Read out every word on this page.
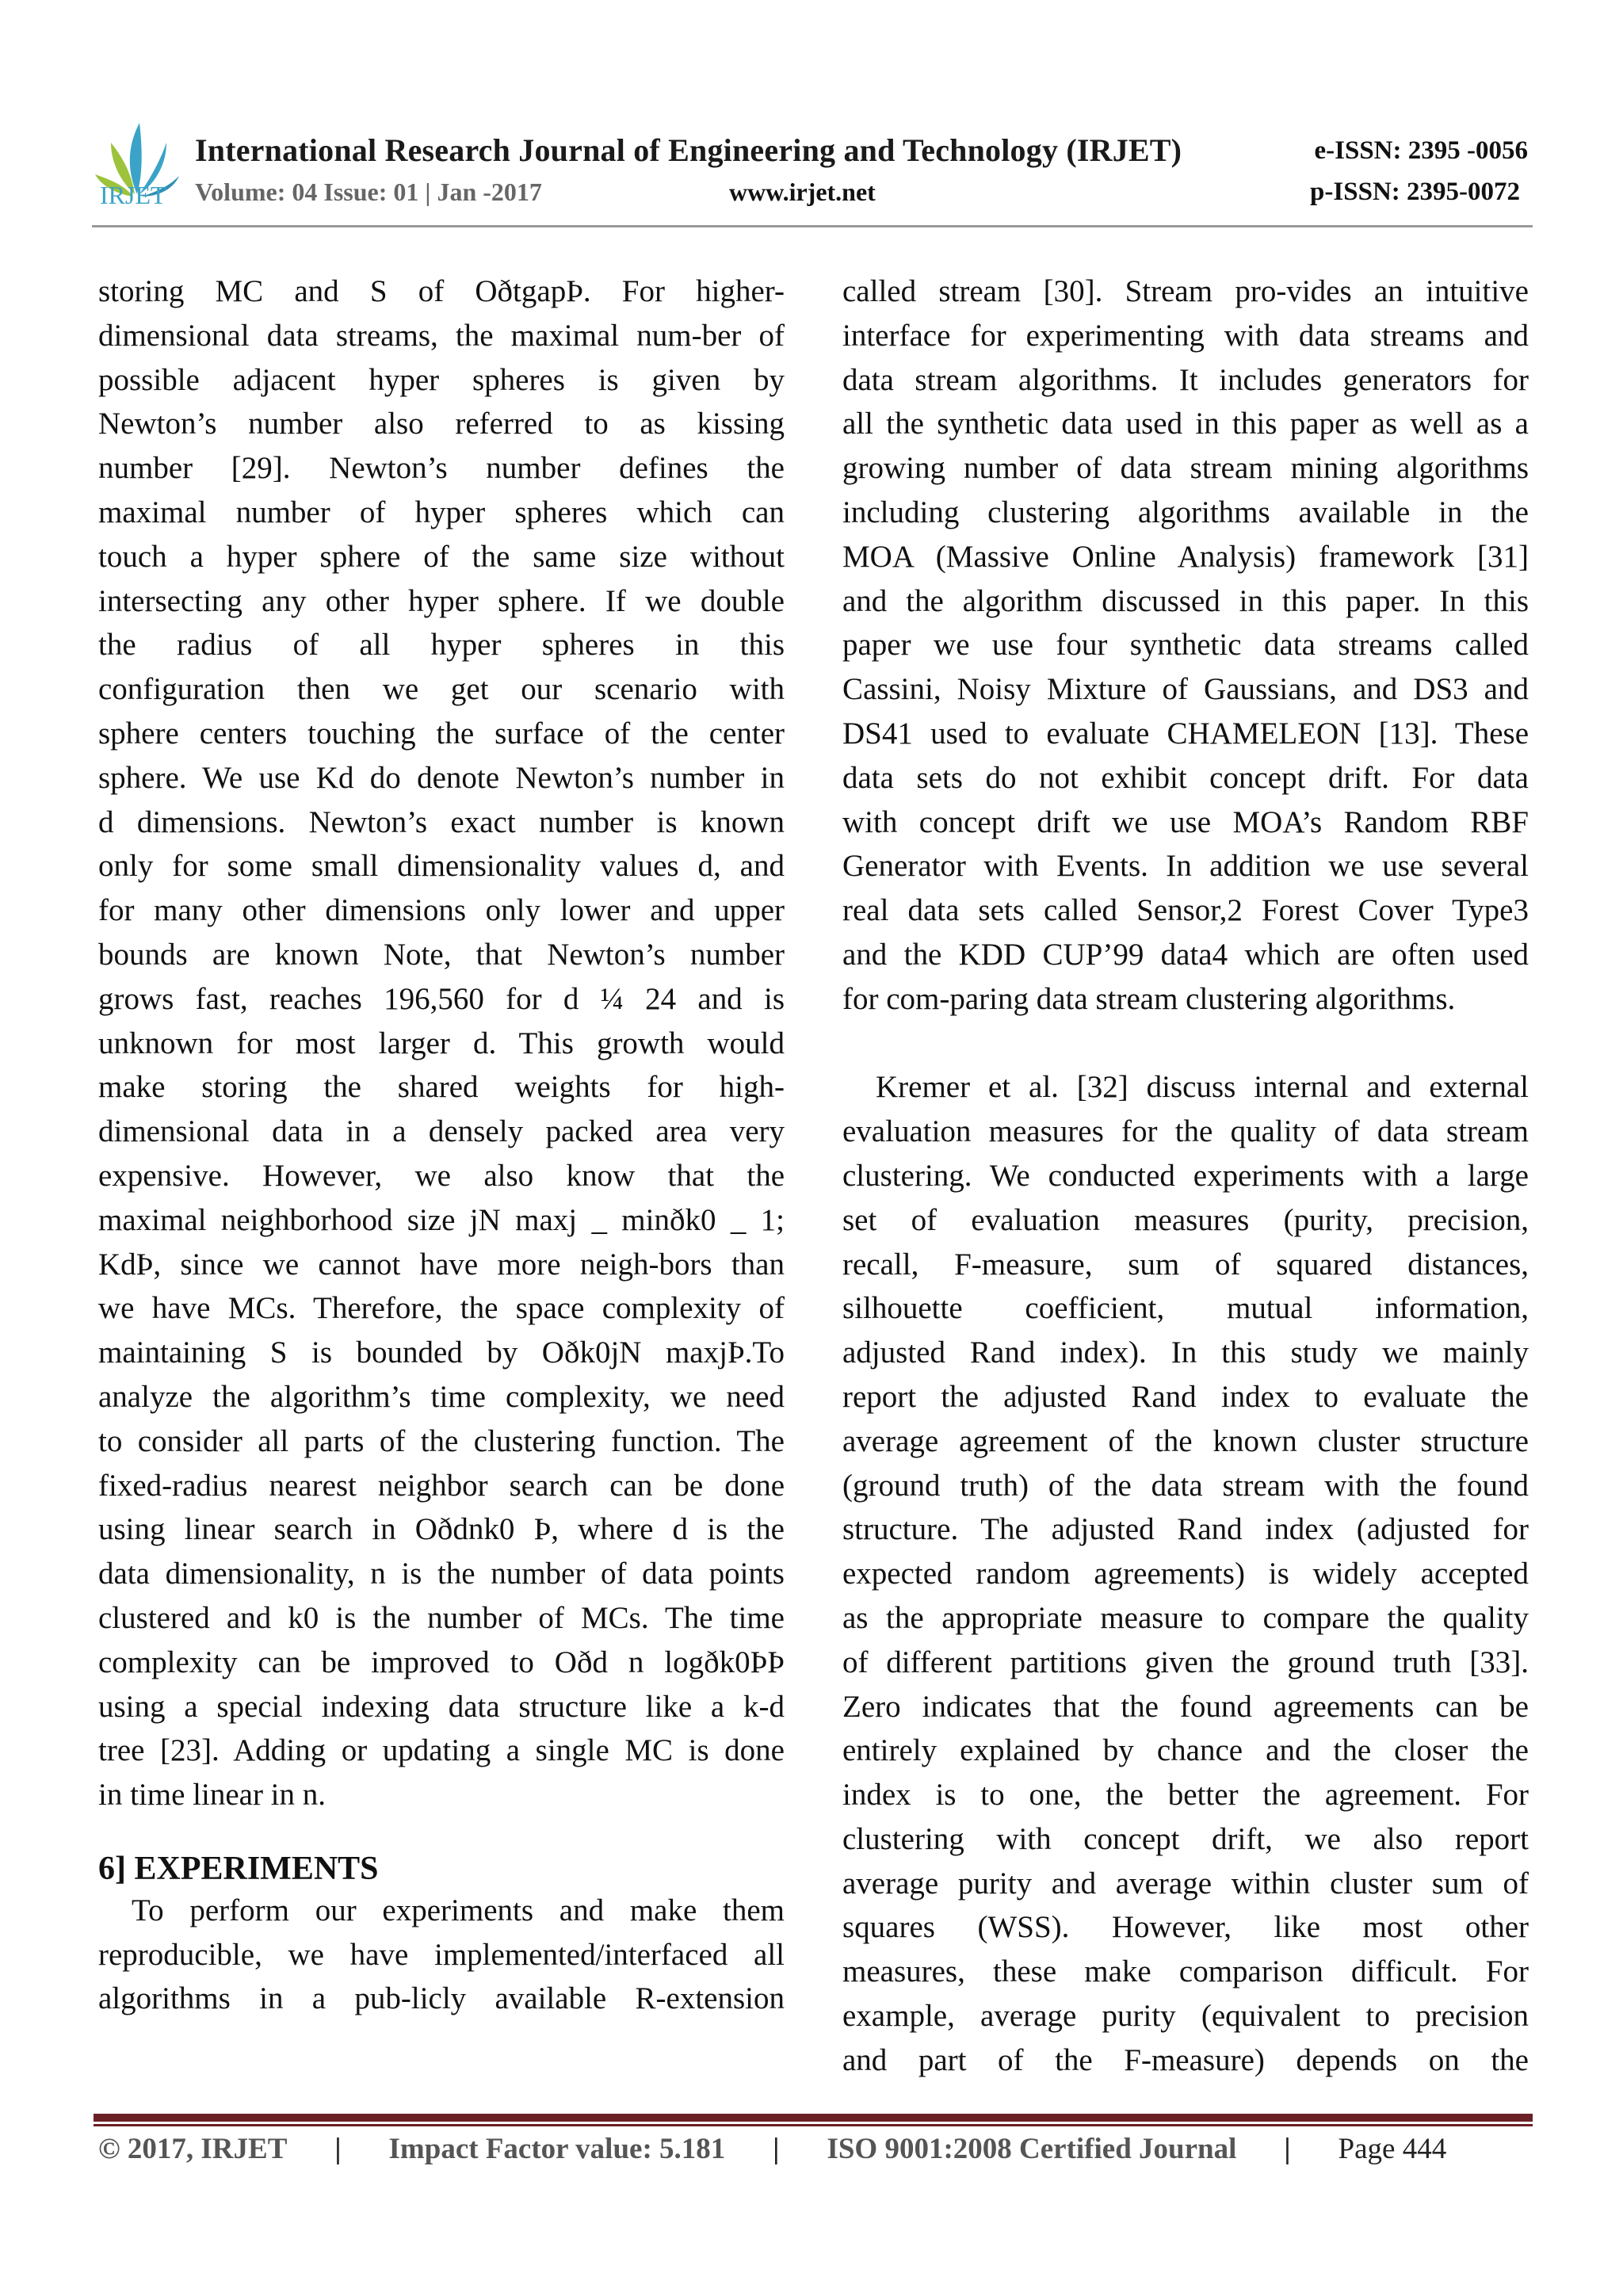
IRJET
International Research Journal of Engineering and Technology (IRJET)
Volume: 04 Issue: 01 | Jan -2017	www.irjet.net
e-ISSN: 2395 -0056
p-ISSN: 2395-0072
storing MC and S of OðtgapÞ. For higher-
dimensional data streams, the maximal num-ber of
possible adjacent hyper spheres is given by
Newton’s number also referred to as kissing
number [29]. Newton’s number defines the
maximal number of hyper spheres which can
touch a hyper sphere of the same size without
intersecting any other hyper sphere. If we double
the radius of all hyper spheres in this
configuration then we get our scenario with
sphere centers touching the surface of the center
sphere. We use Kd do denote Newton’s number in
d dimensions. Newton’s exact number is known
only for some small dimensionality values d, and
for many other dimensions only lower and upper
bounds are known Note, that Newton’s number
grows fast, reaches 196,560 for d ¼ 24 and is
unknown for most larger d. This growth would
make storing the shared weights for high-
dimensional data in a densely packed area very
expensive. However, we also know that the
maximal neighborhood size jN maxj _ minðk0 _ 1;
KdÞ, since we cannot have more neigh-bors than
we have MCs. Therefore, the space complexity of
maintaining S is bounded by Oðk0jN maxjÞ.To
analyze the algorithm’s time complexity, we need
to consider all parts of the clustering function. The
fixed-radius nearest neighbor search can be done
using linear search in Oðdnk0 Þ, where d is the
data dimensionality, n is the number of data points
clustered and k0 is the number of MCs. The time
complexity can be improved to Oðd n logðk0ÞÞ
using a special indexing data structure like a k-d
tree [23]. Adding or updating a single MC is done
in time linear in n.
6] EXPERIMENTS
To perform our experiments and make them
reproducible, we have implemented/interfaced all
algorithms in a pub-licly available R-extension
called stream [30]. Stream pro-vides an intuitive
interface for experimenting with data streams and
data stream algorithms. It includes generators for
all the synthetic data used in this paper as well as a
growing number of data stream mining algorithms
including clustering algorithms available in the
MOA (Massive Online Analysis) framework [31]
and the algorithm discussed in this paper. In this
paper we use four synthetic data streams called
Cassini, Noisy Mixture of Gaussians, and DS3 and
DS41 used to evaluate CHAMELEON [13]. These
data sets do not exhibit concept drift. For data
with concept drift we use MOA’s Random RBF
Generator with Events. In addition we use several
real data sets called Sensor,2 Forest Cover Type3
and the KDD CUP’99 data4 which are often used
for com-paring data stream clustering algorithms.
Kremer et al. [32] discuss internal and external
evaluation measures for the quality of data stream
clustering. We conducted experiments with a large
set of evaluation measures (purity, precision,
recall, F-measure, sum of squared distances,
silhouette coefficient, mutual information,
adjusted Rand index). In this study we mainly
report the adjusted Rand index to evaluate the
average agreement of the known cluster structure
(ground truth) of the data stream with the found
structure. The adjusted Rand index (adjusted for
expected random agreements) is widely accepted
as the appropriate measure to compare the quality
of different partitions given the ground truth [33].
Zero indicates that the found agreements can be
entirely explained by chance and the closer the
index is to one, the better the agreement. For
clustering with concept drift, we also report
average purity and average within cluster sum of
squares (WSS). However, like most other
measures, these make comparison difficult. For
example, average purity (equivalent to precision
and part of the F-measure) depends on the
© 2017, IRJET | Impact Factor value: 5.181 | ISO 9001:2008 Certified Journal | Page 444
